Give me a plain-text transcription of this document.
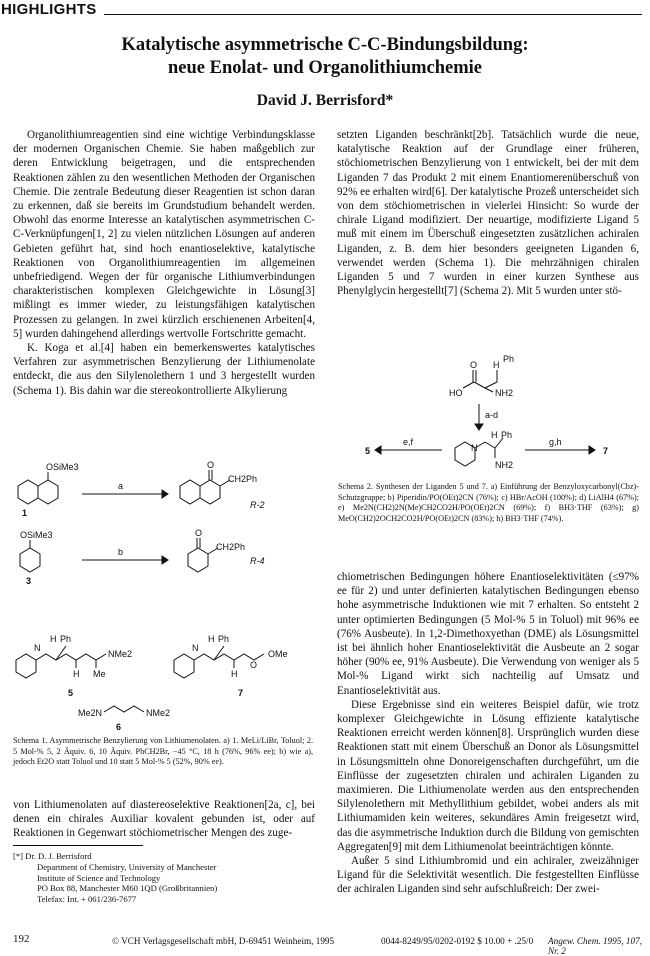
HIGHLIGHTS
Katalytische asymmetrische C-C-Bindungsbildung:
neue Enolat- und Organolithiumchemie
David J. Berrisford*

Organolithiumreagentien sind eine wichtige Verbindungsklasse der modernen Organischen Chemie. Sie haben maßgeblich zur deren Entwicklung beigetragen, und die entsprechenden Reaktionen zählen zu den wesentlichen Methoden der Organischen Chemie. Die zentrale Bedeutung dieser Reagentien ist schon daran zu erkennen, daß sie bereits im Grundstudium behandelt werden. Obwohl das enorme Interesse an katalytischen asymmetrischen C-C-Verknüpfungen[1, 2] zu vielen nützlichen Lösungen auf anderen Gebieten geführt hat, sind hoch enantioselektive, katalytische Reaktionen von Organolithiumreagentien im allgemeinen unbefriedigend. Wegen der für organische Lithiumverbindungen charakteristischen komplexen Gleichgewichte in Lösung[3] mißlingt es immer wieder, zu leistungsfähigen katalytischen Prozessen zu gelangen. In zwei kürzlich erschienenen Arbeiten[4, 5] wurden dahingehend allerdings wertvolle Fortschritte gemacht.

K. Koga et al.[4] haben ein bemerkenswertes katalytisches Verfahren zur asymmetrischen Benzylierung der Lithiumenolate entdeckt, die aus den Silylenolethern 1 und 3 hergestellt wurden (Schema 1). Bis dahin war die stereokontrollierte Alkylierung

setzten Liganden beschränkt[2b]. Tatsächlich wurde die neue, katalytische Reaktion auf der Grundlage einer früheren, stöchiometrischen Benzylierung von 1 entwickelt, bei der mit dem Liganden 7 das Produkt 2 mit einem Enantiomerenüberschuß von 92% ee erhalten wird[6]. Der katalytische Prozeß unterscheidet sich von dem stöchiometrischen in vielerlei Hinsicht: So wurde der chirale Ligand modifiziert. Der neuartige, modifizierte Ligand 5 muß mit einem im Überschuß eingesetzten zusätzlichen achiralen Liganden, z. B. dem hier besonders geeigneten Liganden 6, verwendet werden (Schema 1). Die mehrzähnigen chiralen Liganden 5 und 7 wurden in einer kurzen Synthese aus Phenylglycin hergestellt[7] (Schema 2). Mit 5 wurden unter stö-

O H
Ph
HO	NH2
a-d
N
H Ph
NH2
e,f
5
g,h
7
Schema 2. Synthesen der Liganden 5 und 7. a) Einführung der Benzyloxycarbonyl(Cbz)-Schutzgruppe; b) Piperidin/PO(OEt)2CN (76%); c) HBr/AcOH (100%); d) LiAlH4 (67%); e) Me2N(CH2)2N(Me)CH2CO2H/PO(OEt)2CN (69%); f) BH3·THF (63%); g) MeO(CH2)2OCH2CO2H/PO(OEt)2CN (83%); h) BH3·THF (74%).
OSiMe3
1
a
O
CH2Ph
R-2
OSiMe3
3
b
O
CH2Ph
R-4
N
H Ph
H Me
NMe2
5
N
H Ph
H
O
OMe
7
Me2N	NMe2
6
Schema 1. Asymmetrische Benzylierung von Lithiumenolaten. a) 1. MeLi/LiBr, Toluol; 2. 5 Mol-% 5, 2 Äquiv. 6, 10 Äquiv. PhCH2Br, −45 °C, 18 h (76%, 96% ee); b) wie a), jedoch Et2O statt Toluol und 10 statt 5 Mol-% 5 (52%, 90% ee).

von Lithiumenolaten auf diastereoselektive Reaktionen[2a, c], bei denen ein chirales Auxiliar kovalent gebunden ist, oder auf Reaktionen in Gegenwart stöchiometrischer Mengen des zuge-

[*] Dr. D. J. Berrisford
Department of Chemistry, University of Manchester
Institute of Science and Technology
PO Box 88, Manchester M60 1QD (Großbritannien)
Telefax: Int. + 061/236-7677

chiometrischen Bedingungen höhere Enantioselektivitäten (≤97% ee für 2) und unter definierten katalytischen Bedingungen ebenso hohe asymmetrische Induktionen wie mit 7 erhalten. So entsteht 2 unter optimierten Bedingungen (5 Mol-% 5 in Toluol) mit 96% ee (76% Ausbeute). In 1,2-Dimethoxyethan (DME) als Lösungsmittel ist bei ähnlich hoher Enantioselektivität die Ausbeute an 2 sogar höher (90% ee, 91% Ausbeute). Die Verwendung von weniger als 5 Mol-% Ligand wirkt sich nachteilig auf Umsatz und Enantioselektivität aus.

Diese Ergebnisse sind ein weiteres Beispiel dafür, wie trotz komplexer Gleichgewichte in Lösung effiziente katalytische Reaktionen erreicht werden können[8]. Ursprünglich wurden diese Reaktionen statt mit einem Überschuß an Donor als Lösungsmittel in Lösungsmitteln ohne Donoreigenschaften durchgeführt, um die Einflüsse der zugesetzten chiralen und achiralen Liganden zu maximieren. Die Lithiumenolate werden aus den entsprechenden Silylenolethern mit Methyllithium gebildet, wobei anders als mit Lithiumamiden kein weiteres, sekundäres Amin freigesetzt wird, das die asymmetrische Induktion durch die Bildung von gemischten Aggregaten[9] mit dem Lithiumenolat beeinträchtigen könnte.

Außer 5 sind Lithiumbromid und ein achiraler, zweizähniger Ligand für die Selektivität wesentlich. Die festgestellten Einflüsse der achiralen Liganden sind sehr aufschlußreich: Der zwei-

192	© VCH Verlagsgesellschaft mbH, D-69451 Weinheim, 1995	0044-8249/95/0202-0192 $ 10.00 + .25/0 Angew. Chem. 1995, 107, Nr. 2
